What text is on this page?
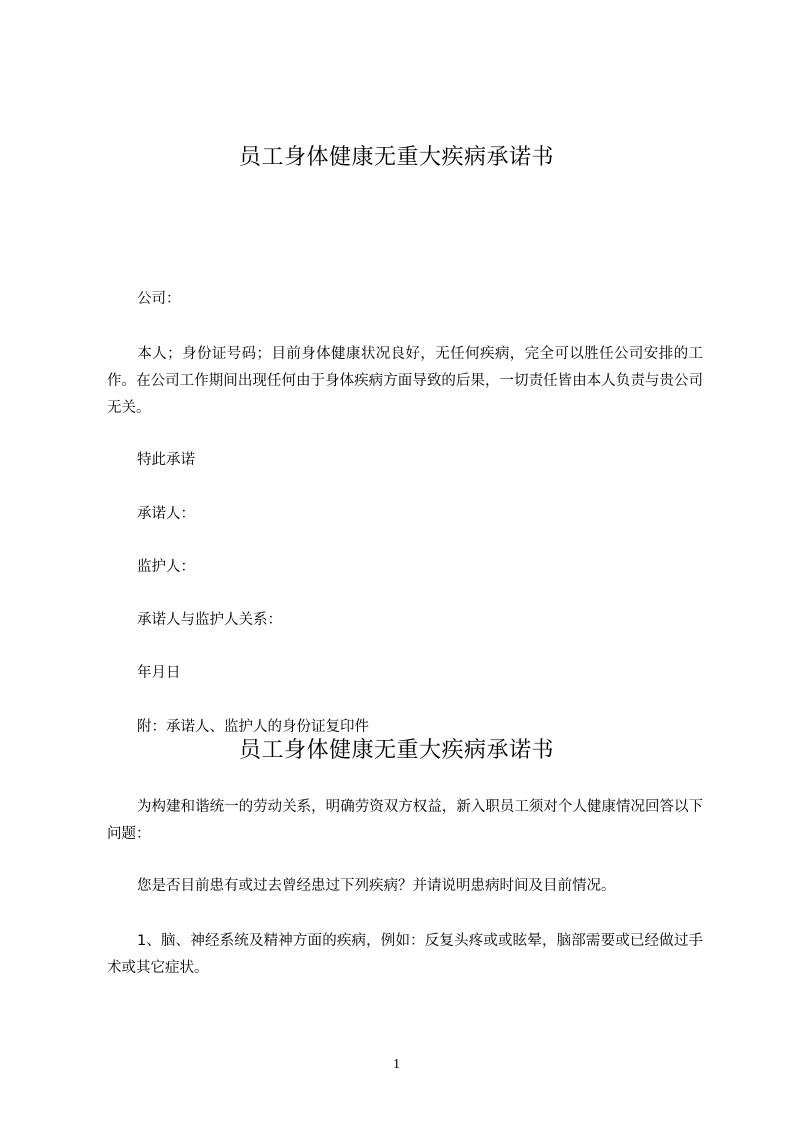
员工身体健康无重大疾病承诺书
公司：
本人；身份证号码；目前身体健康状况良好，无任何疾病，完全可以胜任公司安排的工作。在公司工作期间出现任何由于身体疾病方面导致的后果，一切责任皆由本人负责与贵公司无关。
特此承诺
承诺人：
监护人：
承诺人与监护人关系：
年月日
附：承诺人、监护人的身份证复印件
员工身体健康无重大疾病承诺书
为构建和谐统一的劳动关系，明确劳资双方权益，新入职员工须对个人健康情况回答以下问题：
您是否目前患有或过去曾经患过下列疾病？并请说明患病时间及目前情况。
1、脑、神经系统及精神方面的疾病，例如：反复头疼或或眩晕，脑部需要或已经做过手术或其它症状。
1
